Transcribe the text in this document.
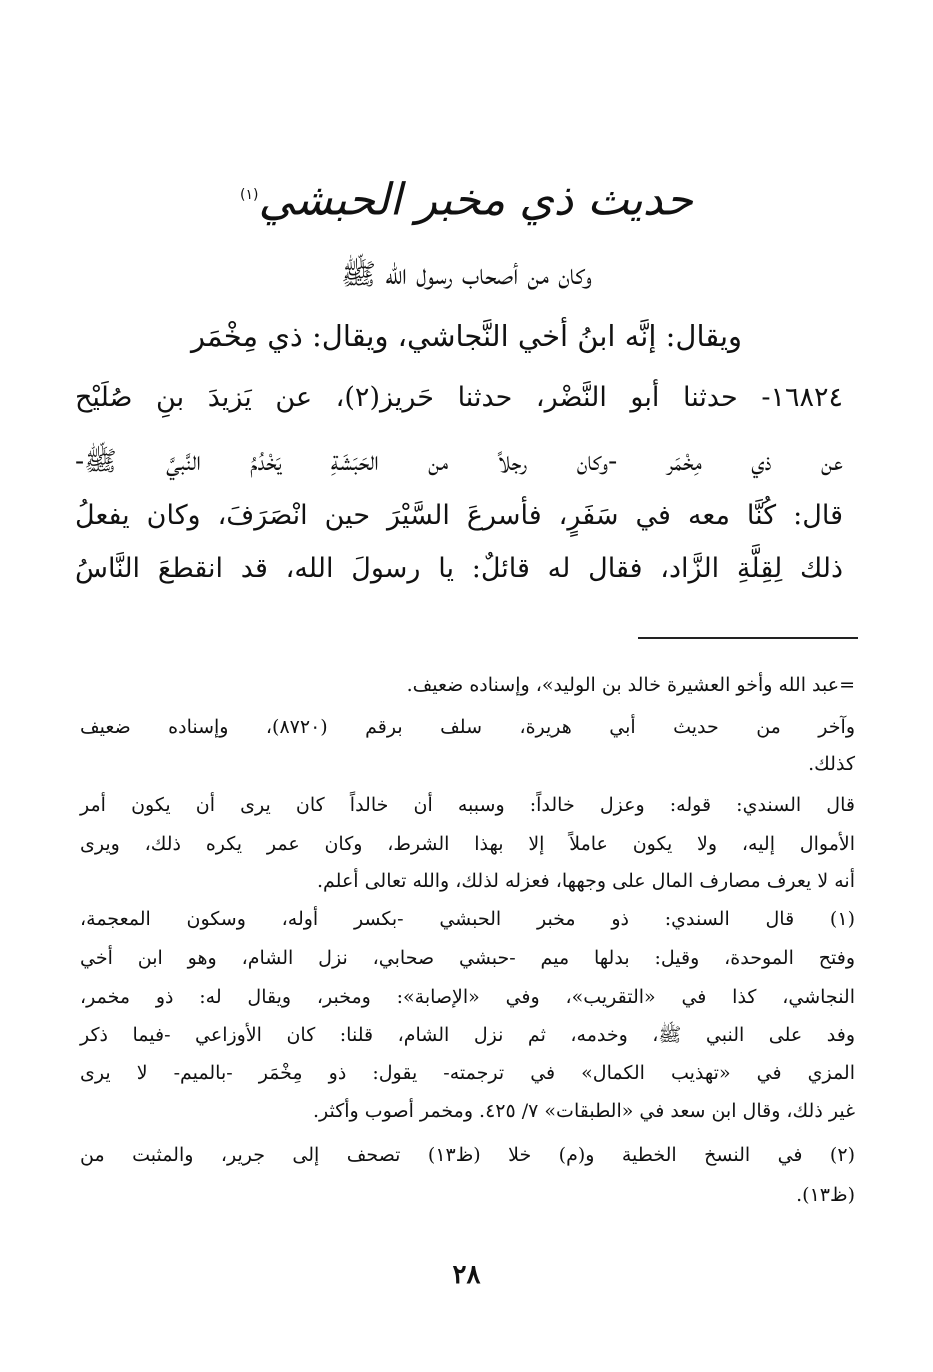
حديث ذي مخبر الحبشي$^{(١)}$
وكان من أصحاب رسول الله ﷺ
ويقال: إنَّه ابنُ أخي النَّجاشي، ويقال: ذي مِخْمَر
١٦٨٢٤- حدثنا أبو النَّضْر، حدثنا حَريز(٢)، عن يَزيدَ بنِ صُلَيْح
عن ذي مِخْمَر -وكان رجلاً من الحَبَشَةِ يَخْدُمُ النَّبيَّ ﷺ-
قال: كُنَّا معه في سَفَرٍ، فأسرعَ السَّيْرَ حين انْصَرَفَ، وكان يفعلُ
ذلك لِقِلَّةِ الزَّاد، فقال له قائلٌ: يا رسولَ الله، قد انقطعَ النَّاسُ
=عبد الله وأخو العشيرة خالد بن الوليد»، وإسناده ضعيف.
وآخر من حديث أبي هريرة، سلف برقم (٨٧٢٠)، وإسناده ضعيف
كذلك.
قال السندي: قوله: وعزل خالداً: وسببه أن خالداً كان يرى أن يكون أمر
الأموال إليه، ولا يكون عاملاً إلا بهذا الشرط، وكان عمر يكره ذلك، ويرى
أنه لا يعرف مصارف المال على وجهها، فعزله لذلك، والله تعالى أعلم.
(١) قال السندي: ذو مخبر الحبشي -بكسر أوله، وسكون المعجمة،
وفتح الموحدة، وقيل: بدلها ميم -حبشي صحابي، نزل الشام، وهو ابن أخي
النجاشي، كذا في «التقريب»، وفي «الإصابة»: ومخبر، ويقال له: ذو مخمر،
وفد على النبي ﷺ، وخدمه، ثم نزل الشام، قلنا: كان الأوزاعي -فيما ذكر
المزي في «تهذيب الكمال» في ترجمته- يقول: ذو مِخْمَر -بالميم- لا يرى
غير ذلك، وقال ابن سعد في «الطبقات» ٧/ ٤٢٥. ومخمر أصوب وأكثر.
(٢) في النسخ الخطية و(م) خلا (ظ١٣) تصحف إلى جرير، والمثبت من
(ظ١٣).
٢٨
